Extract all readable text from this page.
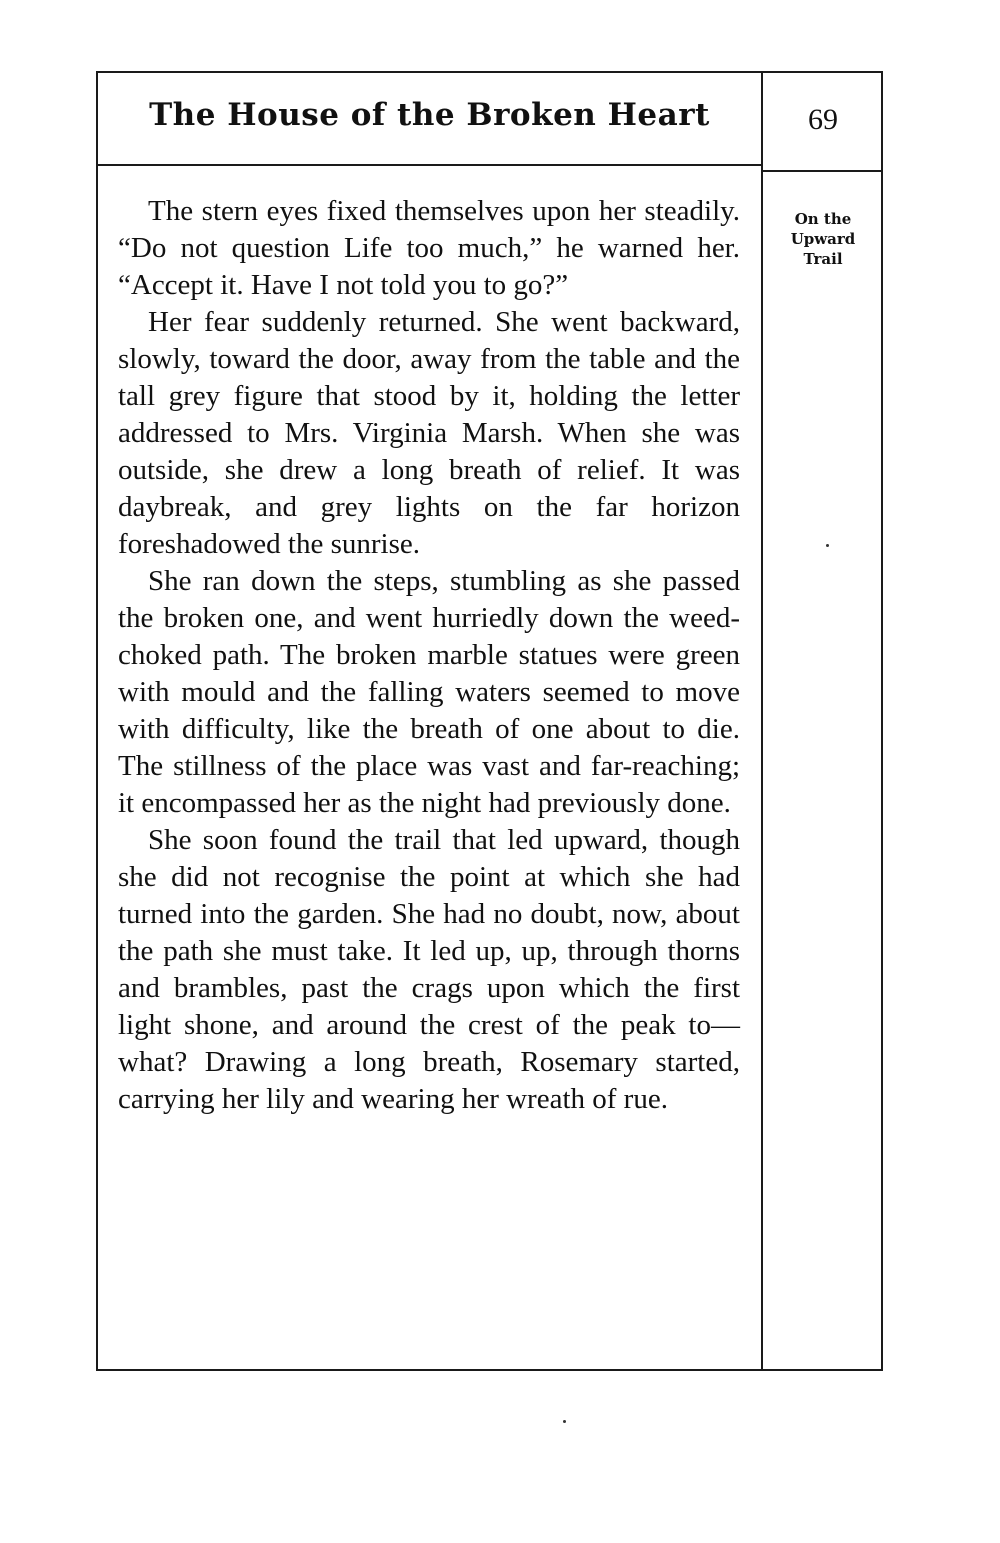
The House of the Broken Heart	69
On the
Upward
Trail

The stern eyes fixed themselves upon her steadily. “Do not question Life too much,” he warned her. “Accept it. Have I not told you to go?”

Her fear suddenly returned. She went backward, slowly, toward the door, away from the table and the tall grey figure that stood by it, holding the letter addressed to Mrs. Virginia Marsh. When she was outside, she drew a long breath of relief. It was daybreak, and grey lights on the far horizon foreshadowed the sunrise.

She ran down the steps, stumbling as she passed the broken one, and went hurriedly down the weed-choked path. The broken marble statues were green with mould and the falling waters seemed to move with difficulty, like the breath of one about to die. The stillness of the place was vast and far-reaching; it encompassed her as the night had previously done.

She soon found the trail that led upward, though she did not recognise the point at which she had turned into the garden. She had no doubt, now, about the path she must take. It led up, up, through thorns and brambles, past the crags upon which the first light shone, and around the crest of the peak to—what? Drawing a long breath, Rosemary started, carrying her lily and wearing her wreath of rue.
